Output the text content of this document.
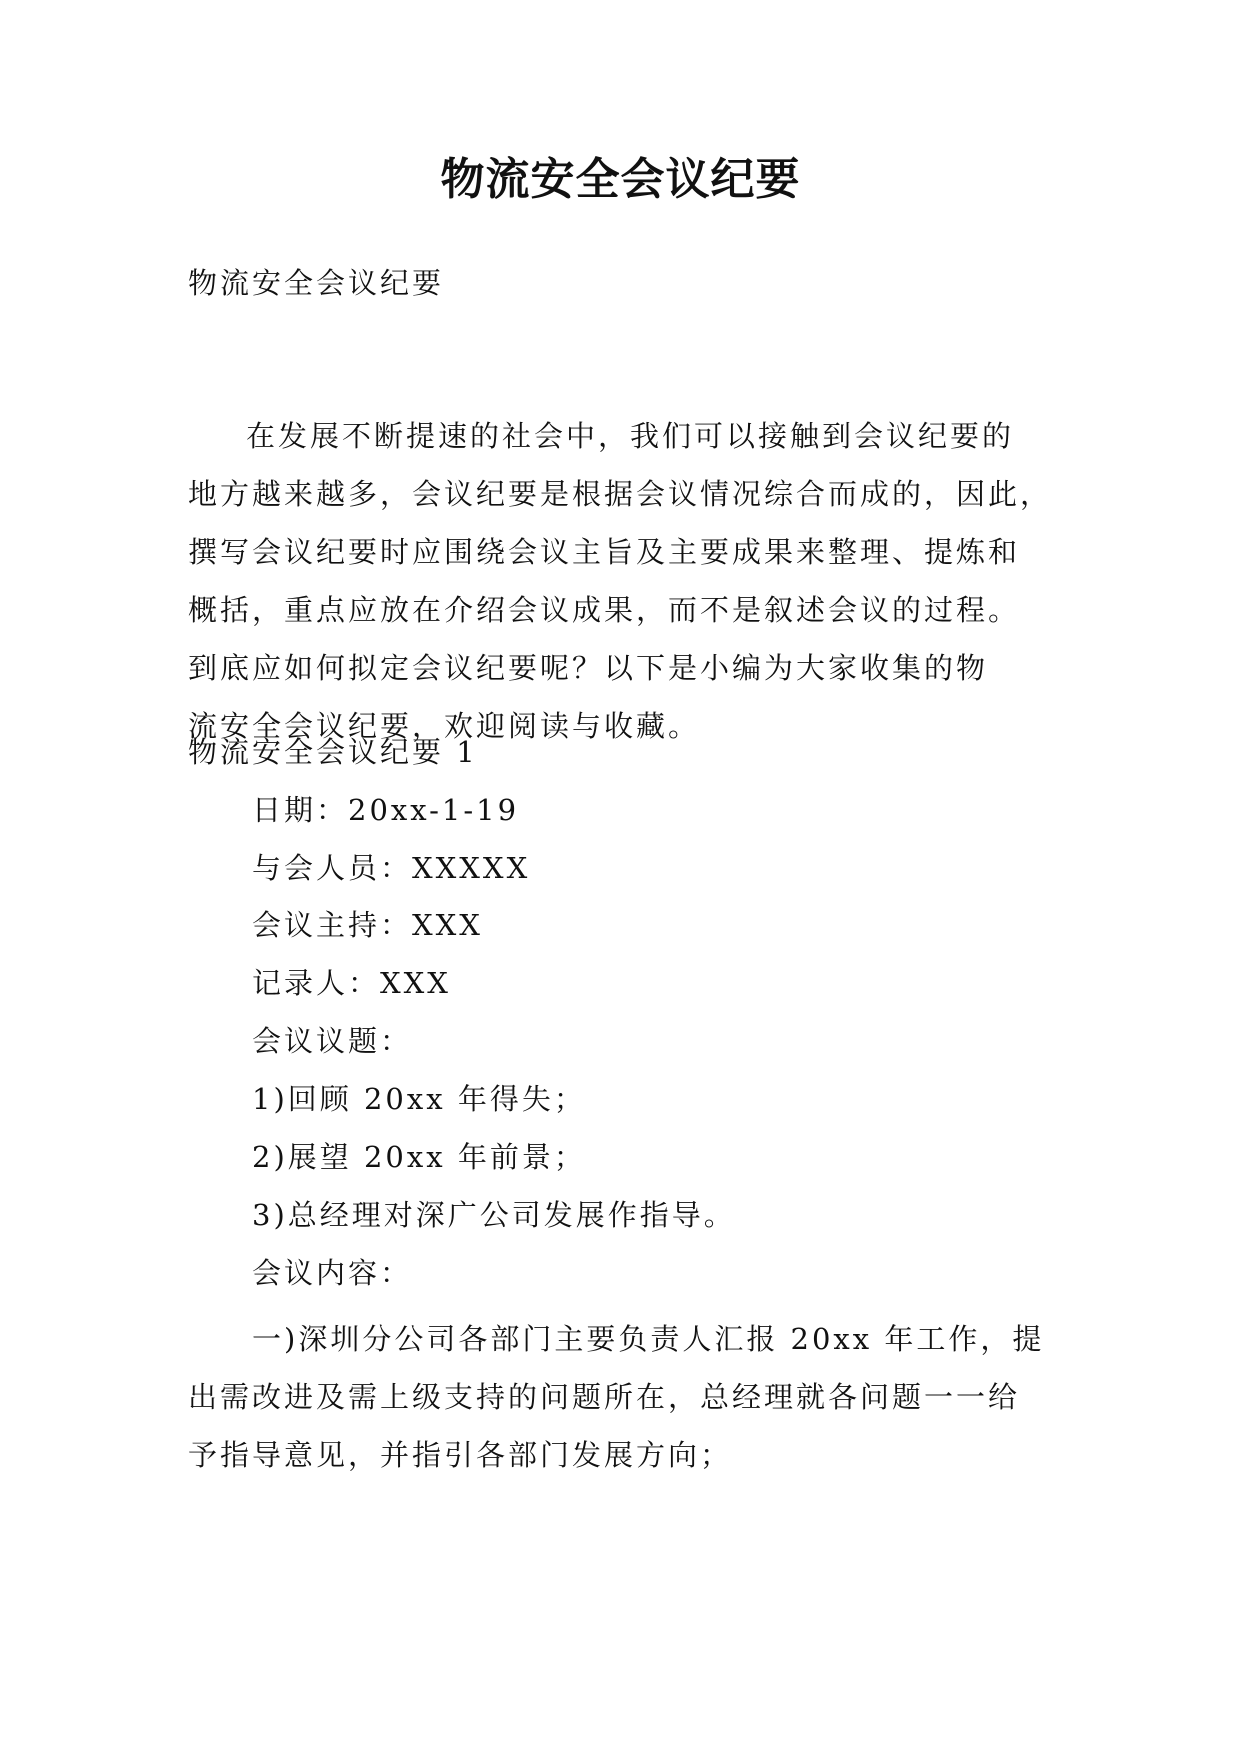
物流安全会议纪要
物流安全会议纪要
在发展不断提速的社会中，我们可以接触到会议纪要的
地方越来越多，会议纪要是根据会议情况综合而成的，因此，
撰写会议纪要时应围绕会议主旨及主要成果来整理、提炼和
概括，重点应放在介绍会议成果，而不是叙述会议的过程。
到底应如何拟定会议纪要呢？以下是小编为大家收集的物
流安全会议纪要，欢迎阅读与收藏。
物流安全会议纪要 1
日期：20xx-1-19
与会人员：XXXXX
会议主持：XXX
记录人：XXX
会议议题：
1)回顾 20xx 年得失；
2)展望 20xx 年前景；
3)总经理对深广公司发展作指导。
会议内容：
一)深圳分公司各部门主要负责人汇报 20xx 年工作，提
出需改进及需上级支持的问题所在，总经理就各问题一一给
予指导意见，并指引各部门发展方向；
